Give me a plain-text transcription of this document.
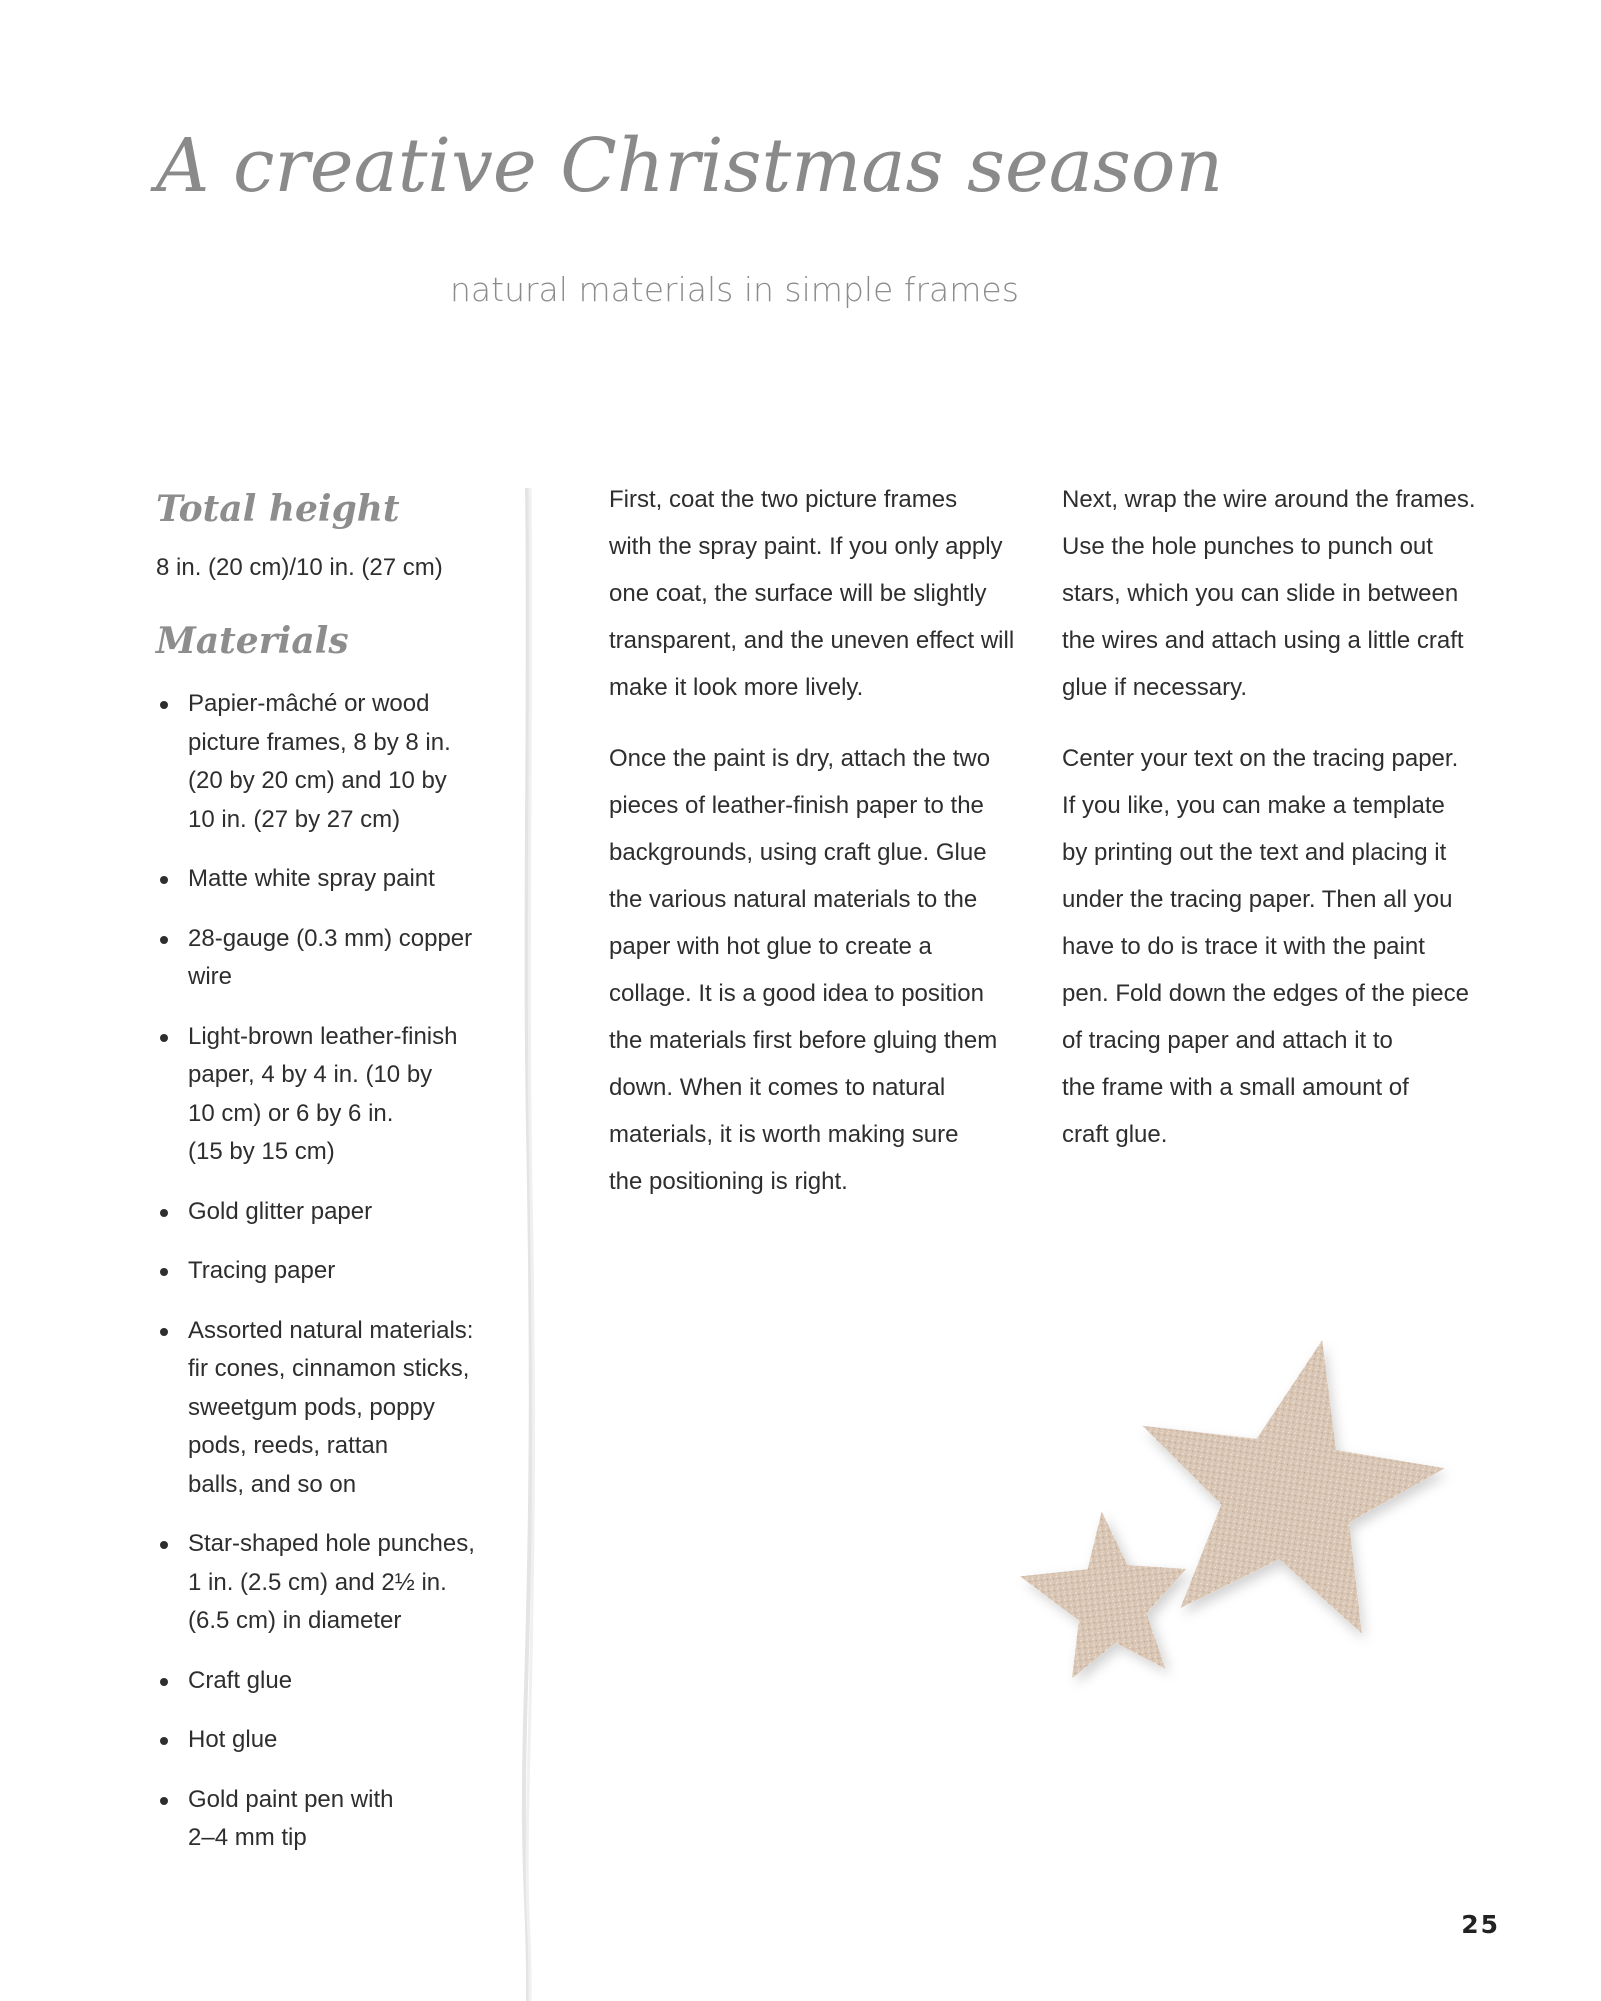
A creative Christmas season
natural materials in simple frames
Total height

8 in. (20 cm)/10 in. (27 cm)

Materials
Papier-mâché or wood
picture frames, 8 by 8 in.
(20 by 20 cm) and 10 by
10 in. (27 by 27 cm)
Matte white spray paint
28-gauge (0.3 mm) copper
wire
Light-brown leather-finish
paper, 4 by 4 in. (10 by
10 cm) or 6 by 6 in.
(15 by 15 cm)
Gold glitter paper
Tracing paper
Assorted natural materials:
fir cones, cinnamon sticks,
sweetgum pods, poppy
pods, reeds, rattan
balls, and so on
Star-shaped hole punches,
1 in. (2.5 cm) and 2½ in.
(6.5 cm) in diameter
Craft glue
Hot glue
Gold paint pen with
2–4 mm tip

First, coat the two picture frames
with the spray paint. If you only apply
one coat, the surface will be slightly
transparent, and the uneven effect will
make it look more lively.

Once the paint is dry, attach the two
pieces of leather-finish paper to the
backgrounds, using craft glue. Glue
the various natural materials to the
paper with hot glue to create a
collage. It is a good idea to position
the materials first before gluing them
down. When it comes to natural
materials, it is worth making sure
the positioning is right.

Next, wrap the wire around the frames.
Use the hole punches to punch out
stars, which you can slide in between
the wires and attach using a little craft
glue if necessary.

Center your text on the tracing paper.
If you like, you can make a template
by printing out the text and placing it
under the tracing paper. Then all you
have to do is trace it with the paint
pen. Fold down the edges of the piece
of tracing paper and attach it to
the frame with a small amount of
craft glue.

25
